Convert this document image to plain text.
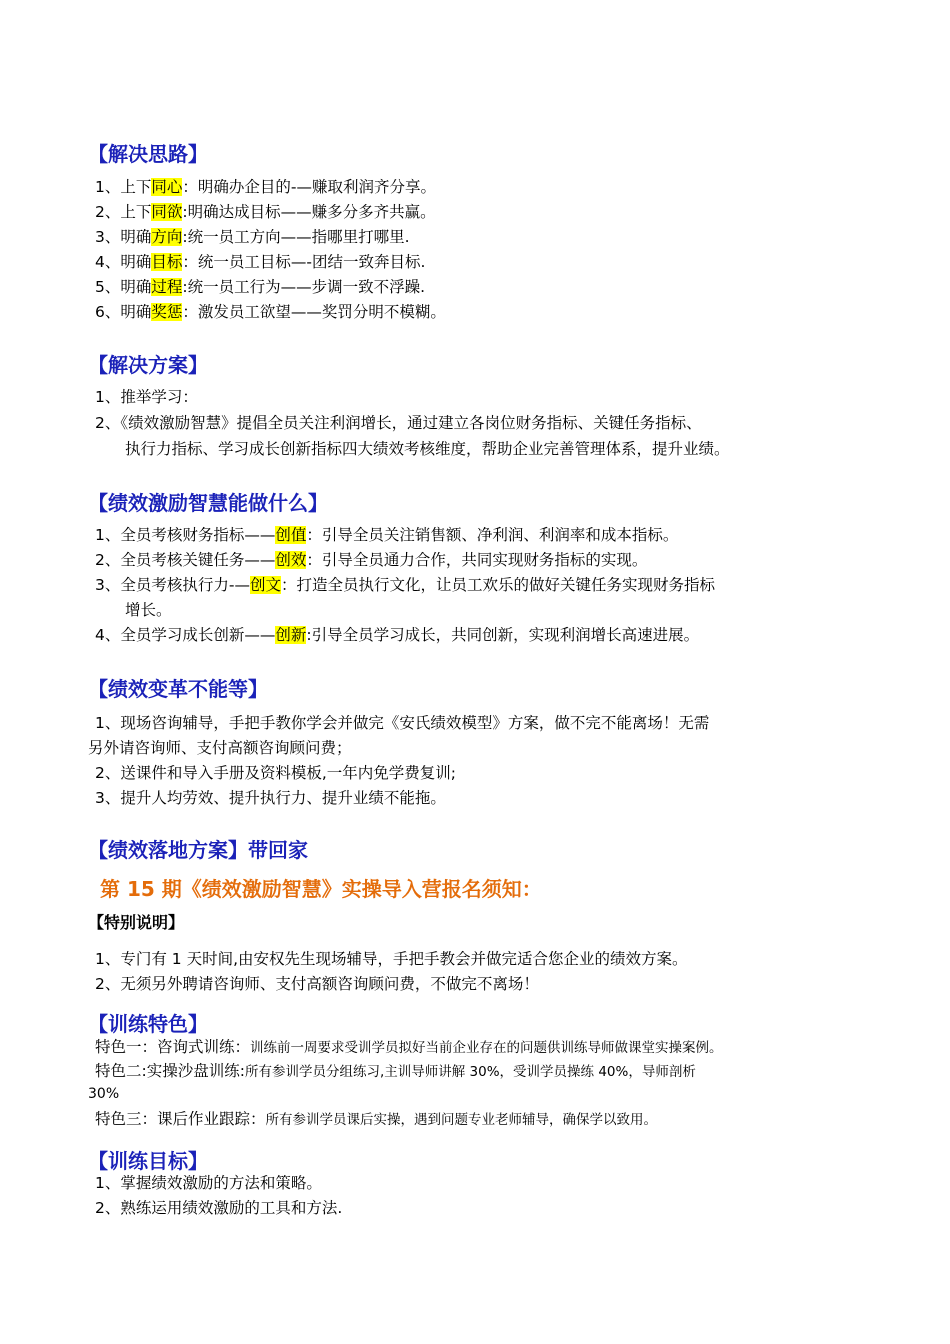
【解决思路】
1、上下同心：明确办企目的-—赚取利润齐分享。
2、上下同欲:明确达成目标——赚多分多齐共赢。
3、明确方向:统一员工方向——指哪里打哪里.
4、明确目标：统一员工目标—-团结一致奔目标.
5、明确过程:统一员工行为——步调一致不浮躁.
6、明确奖惩：激发员工欲望——奖罚分明不模糊。
【解决方案】
1、推举学习：
2、《绩效激励智慧》提倡全员关注利润增长，通过建立各岗位财务指标、关键任务指标、
执行力指标、学习成长创新指标四大绩效考核维度，帮助企业完善管理体系，提升业绩。
【绩效激励智慧能做什么】
1、全员考核财务指标——创值：引导全员关注销售额、净利润、利润率和成本指标。
2、全员考核关键任务——创效：引导全员通力合作，共同实现财务指标的实现。
3、全员考核执行力-—创文：打造全员执行文化，让员工欢乐的做好关键任务实现财务指标
增长。
4、全员学习成长创新——创新:引导全员学习成长，共同创新，实现利润增长高速进展。
【绩效变革不能等】
1、现场咨询辅导，手把手教你学会并做完《安氏绩效模型》方案，做不完不能离场！无需
另外请咨询师、支付高额咨询顾问费；
2、送课件和导入手册及资料模板,一年内免学费复训;
3、提升人均劳效、提升执行力、提升业绩不能拖。
【绩效落地方案】带回家
第 15 期《绩效激励智慧》实操导入营报名须知：
【特别说明】
1、专门有 1 天时间,由安权先生现场辅导，手把手教会并做完适合您企业的绩效方案。
2、无须另外聘请咨询师、支付高额咨询顾问费，不做完不离场！
【训练特色】
特色一：咨询式训练：训练前一周要求受训学员拟好当前企业存在的问题供训练导师做课堂实操案例。
特色二:实操沙盘训练:所有参训学员分组练习,主训导师讲解 30%，受训学员操练 40%，导师剖析
30%
特色三：课后作业跟踪：所有参训学员课后实操，遇到问题专业老师辅导，确保学以致用。
【训练目标】
1、掌握绩效激励的方法和策略。
2、熟练运用绩效激励的工具和方法.
